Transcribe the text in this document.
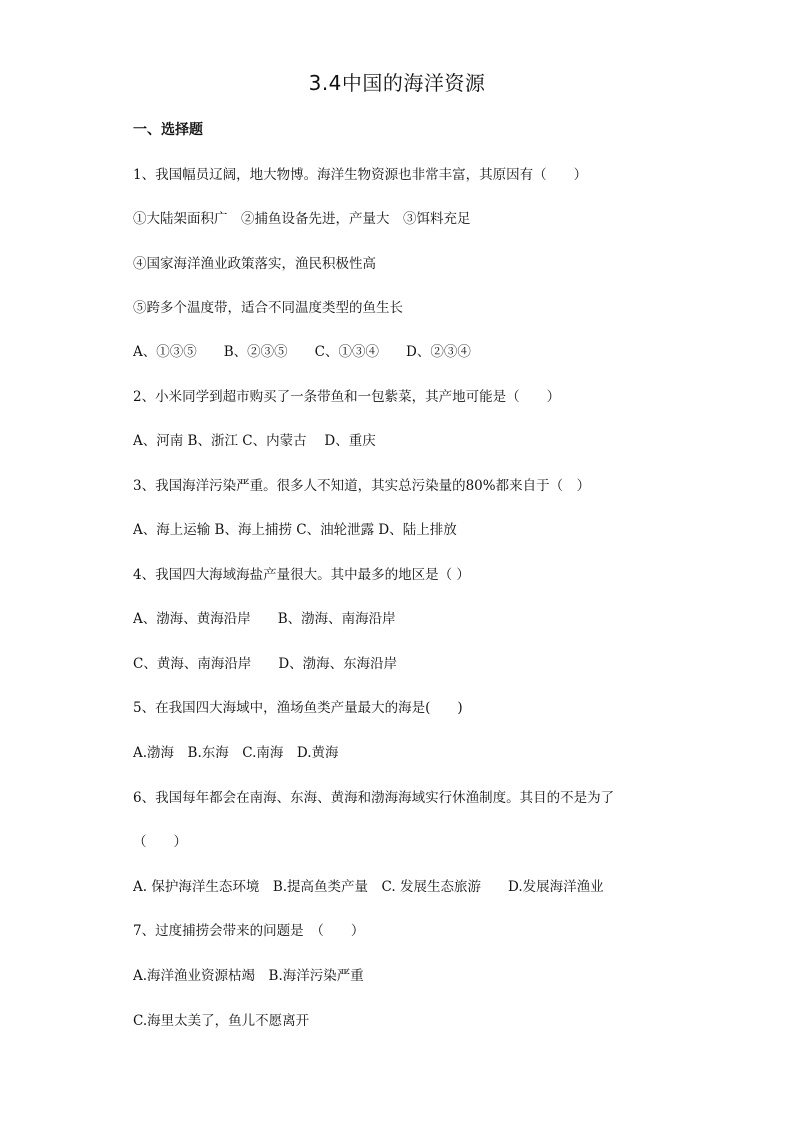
3.4中国的海洋资源
一、选择题
1、我国幅员辽阔，地大物博。海洋生物资源也非常丰富，其原因有（　　）
①大陆架面积广　②捕鱼设备先进，产量大　③饵料充足
④国家海洋渔业政策落实，渔民积极性高
⑤跨多个温度带，适合不同温度类型的鱼生长
A、①③⑤　　B、②③⑤　　C、①③④　　D、②③④
2、小米同学到超市购买了一条带鱼和一包紫菜，其产地可能是（　　）
A、河南 B、浙江 C、内蒙古　 D、重庆
3、我国海洋污染严重。很多人不知道，其实总污染量的80%都来自于（　）
A、海上运输 B、海上捕捞 C、油轮泄露 D、陆上排放
4、我国四大海域海盐产量很大。其中最多的地区是（ ）
A、渤海、黄海沿岸　　B、渤海、南海沿岸
C、黄海、南海沿岸　　D、渤海、东海沿岸
5、在我国四大海域中，渔场鱼类产量最大的海是(　　)
A.渤海　B.东海　C.南海　D.黄海
6、我国每年都会在南海、东海、黄海和渤海海域实行休渔制度。其目的不是为了
（　　）
A. 保护海洋生态环境　B.提高鱼类产量　C. 发展生态旅游　　D.发展海洋渔业
7、过度捕捞会带来的问题是　（　　）
A.海洋渔业资源枯竭　B.海洋污染严重
C.海里太美了，鱼儿不愿离开
